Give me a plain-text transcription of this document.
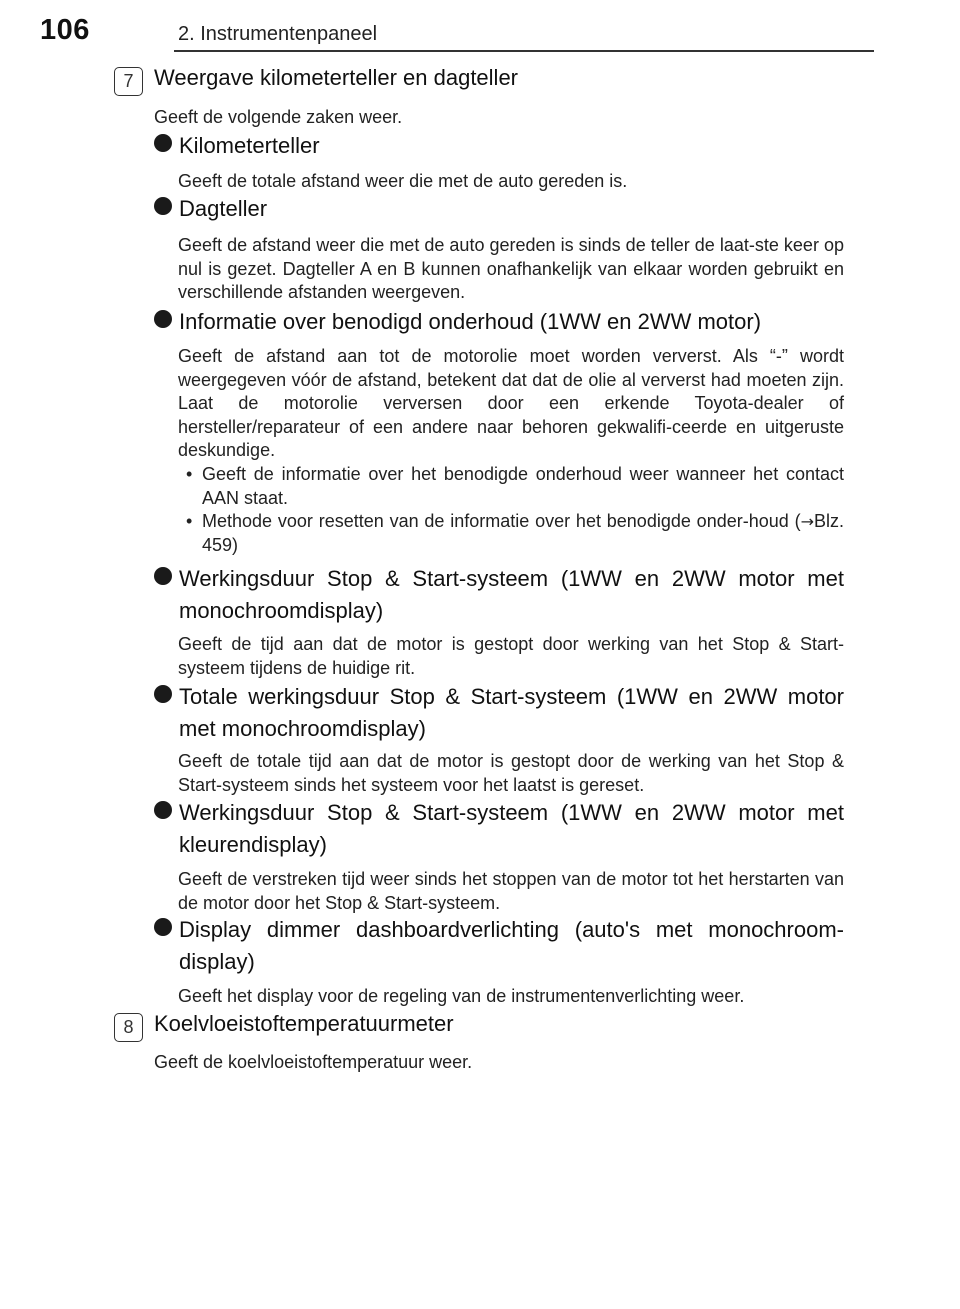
106	2. Instrumentenpaneel
7 Weergave kilometerteller en dagteller
Geeft de volgende zaken weer.
Kilometerteller
Geeft de totale afstand weer die met de auto gereden is.
Dagteller
Geeft de afstand weer die met de auto gereden is sinds de teller de laat-ste keer op nul is gezet. Dagteller A en B kunnen onafhankelijk van elkaar worden gebruikt en verschillende afstanden weergeven.
Informatie over benodigd onderhoud (1WW en 2WW motor)
Geeft de afstand aan tot de motorolie moet worden ververst. Als “-” wordt weergegeven vóór de afstand, betekent dat dat de olie al ververst had moeten zijn. Laat de motorolie verversen door een erkende Toyota-dealer of hersteller/reparateur of een andere naar behoren gekwalifi-ceerde en uitgeruste deskundige.
• Geeft de informatie over het benodigde onderhoud weer wanneer het contact AAN staat.
• Methode voor resetten van de informatie over het benodigde onder-houd (→Blz. 459)
Werkingsduur Stop & Start-systeem (1WW en 2WW motor met monochroomdisplay)
Geeft de tijd aan dat de motor is gestopt door werking van het Stop & Start-systeem tijdens de huidige rit.
Totale werkingsduur Stop & Start-systeem (1WW en 2WW motor met monochroomdisplay)
Geeft de totale tijd aan dat de motor is gestopt door de werking van het Stop & Start-systeem sinds het systeem voor het laatst is gereset.
Werkingsduur Stop & Start-systeem (1WW en 2WW motor met kleurendisplay)
Geeft de verstreken tijd weer sinds het stoppen van de motor tot het herstarten van de motor door het Stop & Start-systeem.
Display dimmer dashboardverlichting (auto's met monochroom-display)
Geeft het display voor de regeling van de instrumentenverlichting weer.
8 Koelvloeistoftemperatuurmeter
Geeft de koelvloeistoftemperatuur weer.
